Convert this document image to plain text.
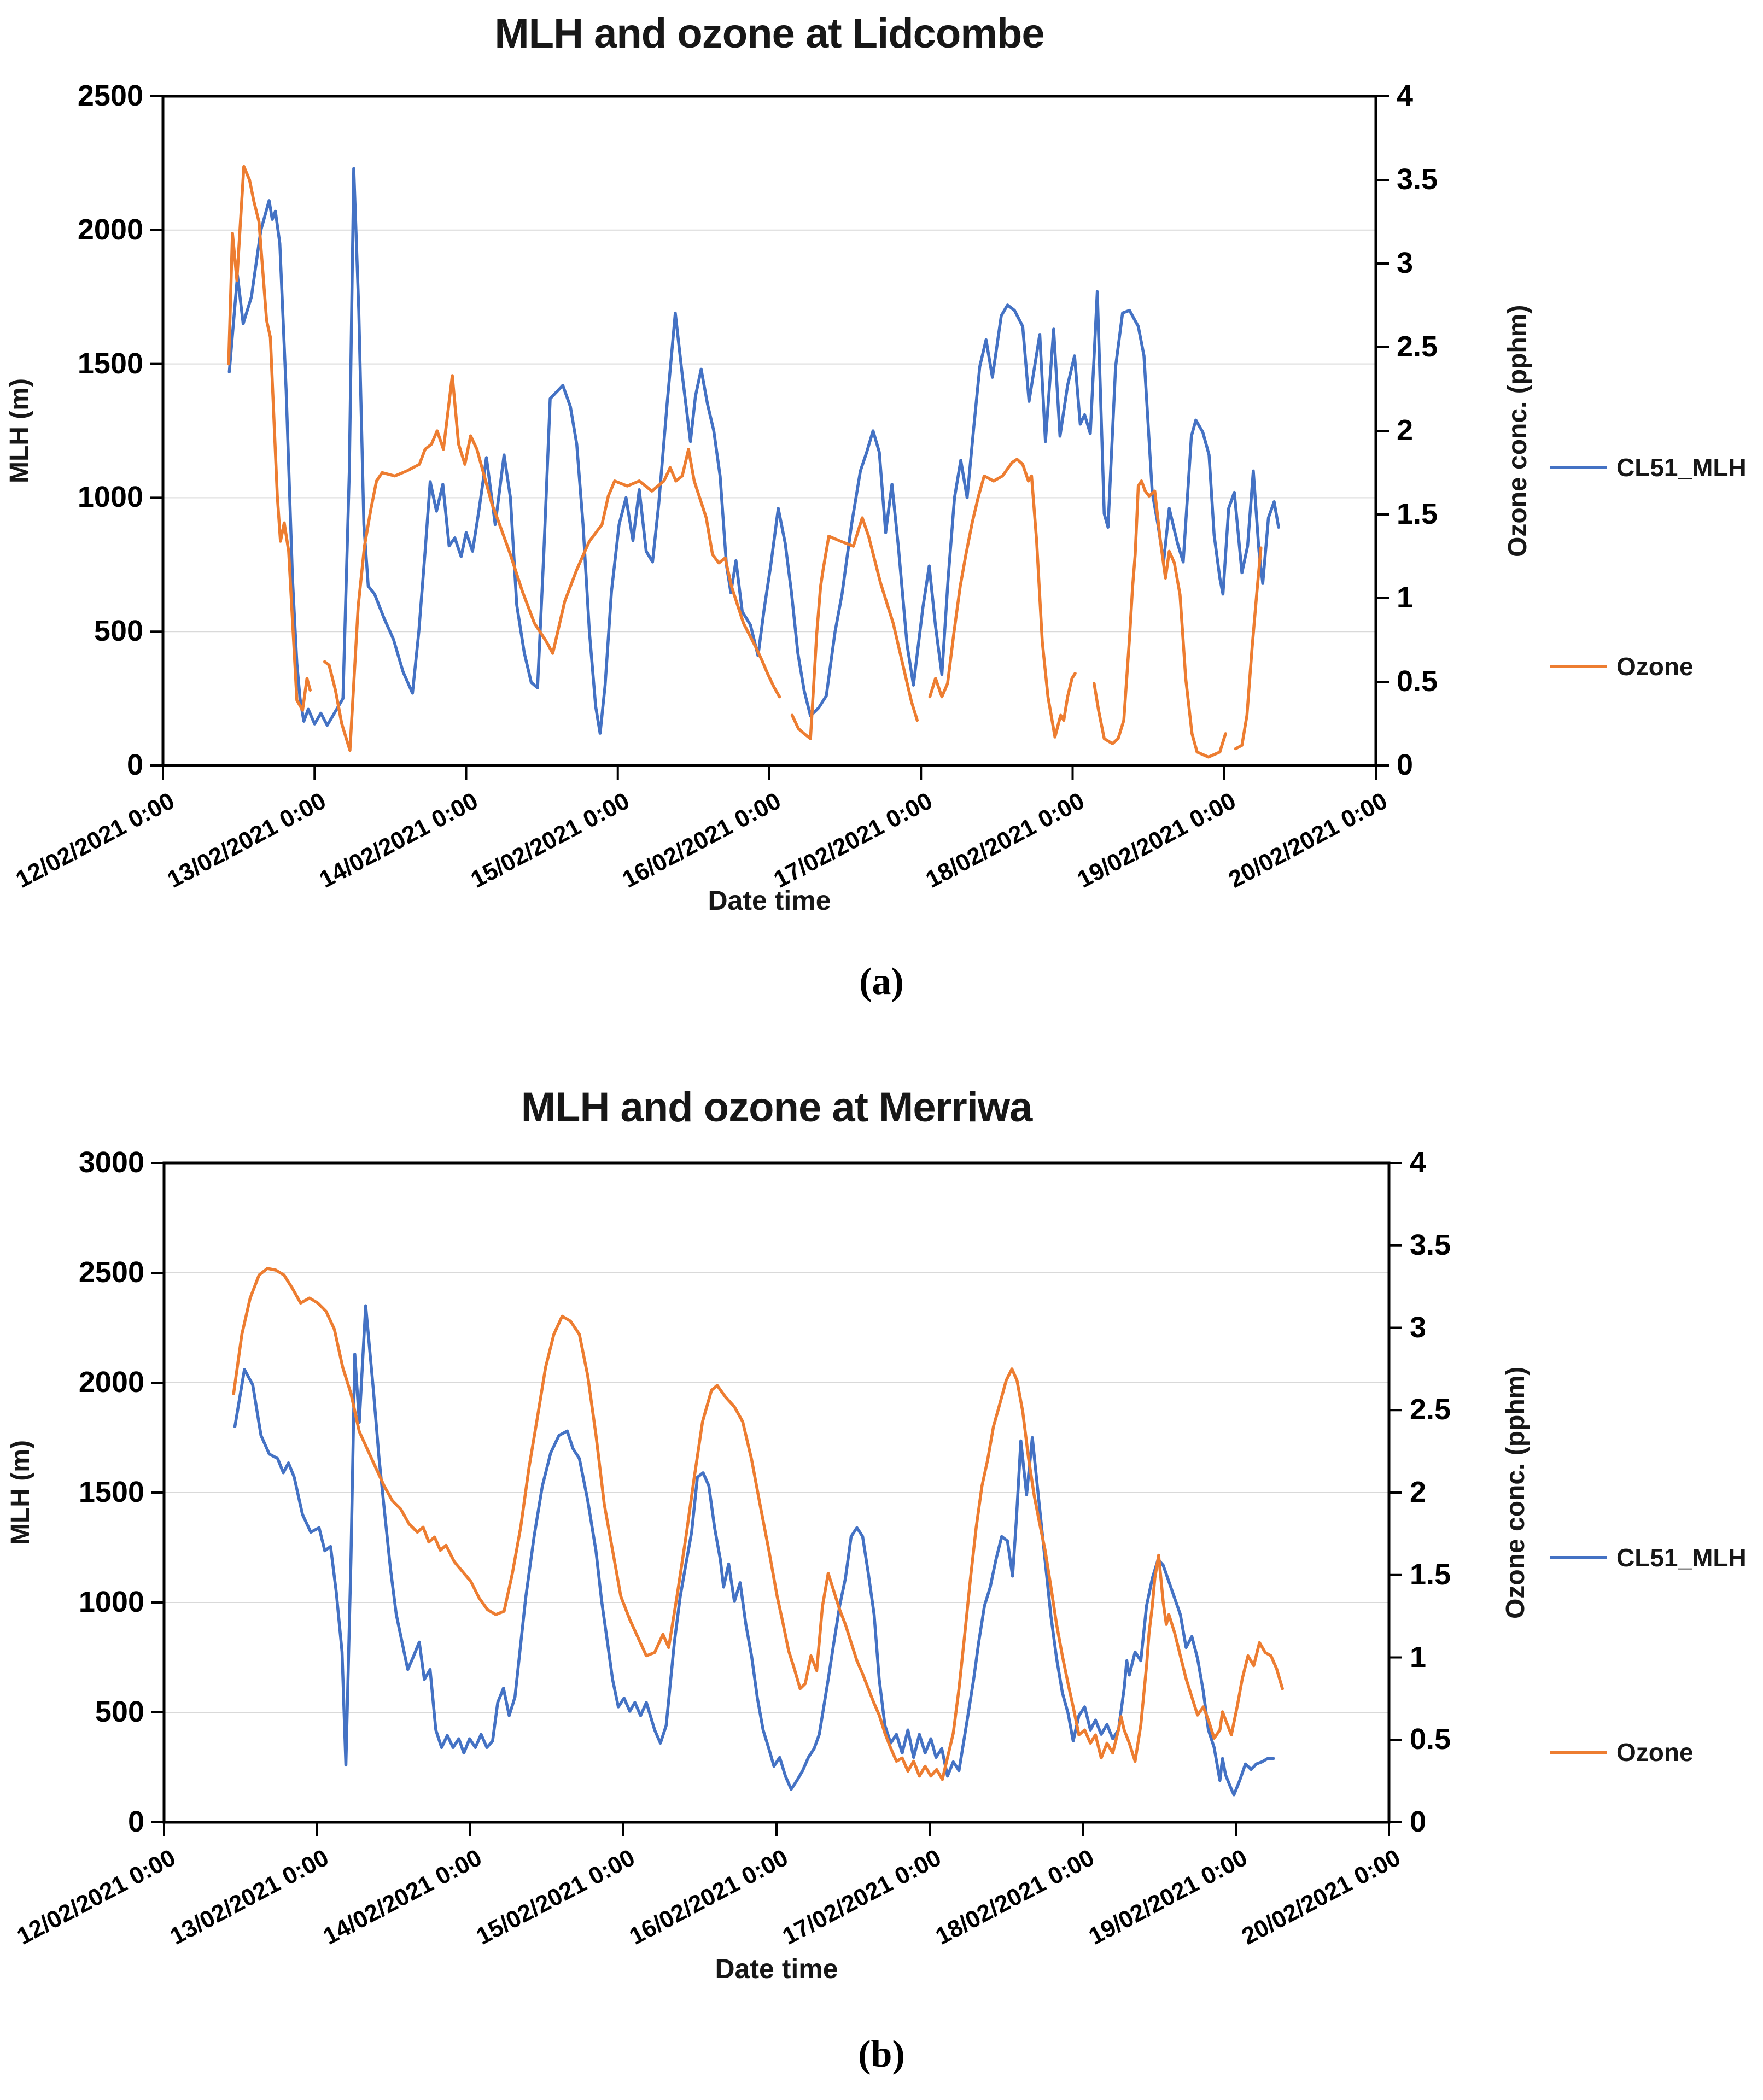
MLH and ozone at Lidcombe
MLH (m)	Ozone conc. (pphm)
Date time
CL51_MLH
Ozone
(a)
0
500
1000
1500
2000
2500
0
0.5
1
1.5
2
2.5
3
3.5
4
12/02/2021 0:00
13/02/2021 0:00
14/02/2021 0:00
15/02/2021 0:00
16/02/2021 0:00
17/02/2021 0:00
18/02/2021 0:00
19/02/2021 0:00
20/02/2021 0:00
MLH and ozone at Merriwa
MLH (m)	Ozone conc. (pphm)
Date time
CL51_MLH
Ozone
(b)
0
500
1000
1500
2000
2500
3000
0
0.5
1
1.5
2
2.5
3
3.5
4
12/02/2021 0:00
13/02/2021 0:00
14/02/2021 0:00
15/02/2021 0:00
16/02/2021 0:00
17/02/2021 0:00
18/02/2021 0:00
19/02/2021 0:00
20/02/2021 0:00
